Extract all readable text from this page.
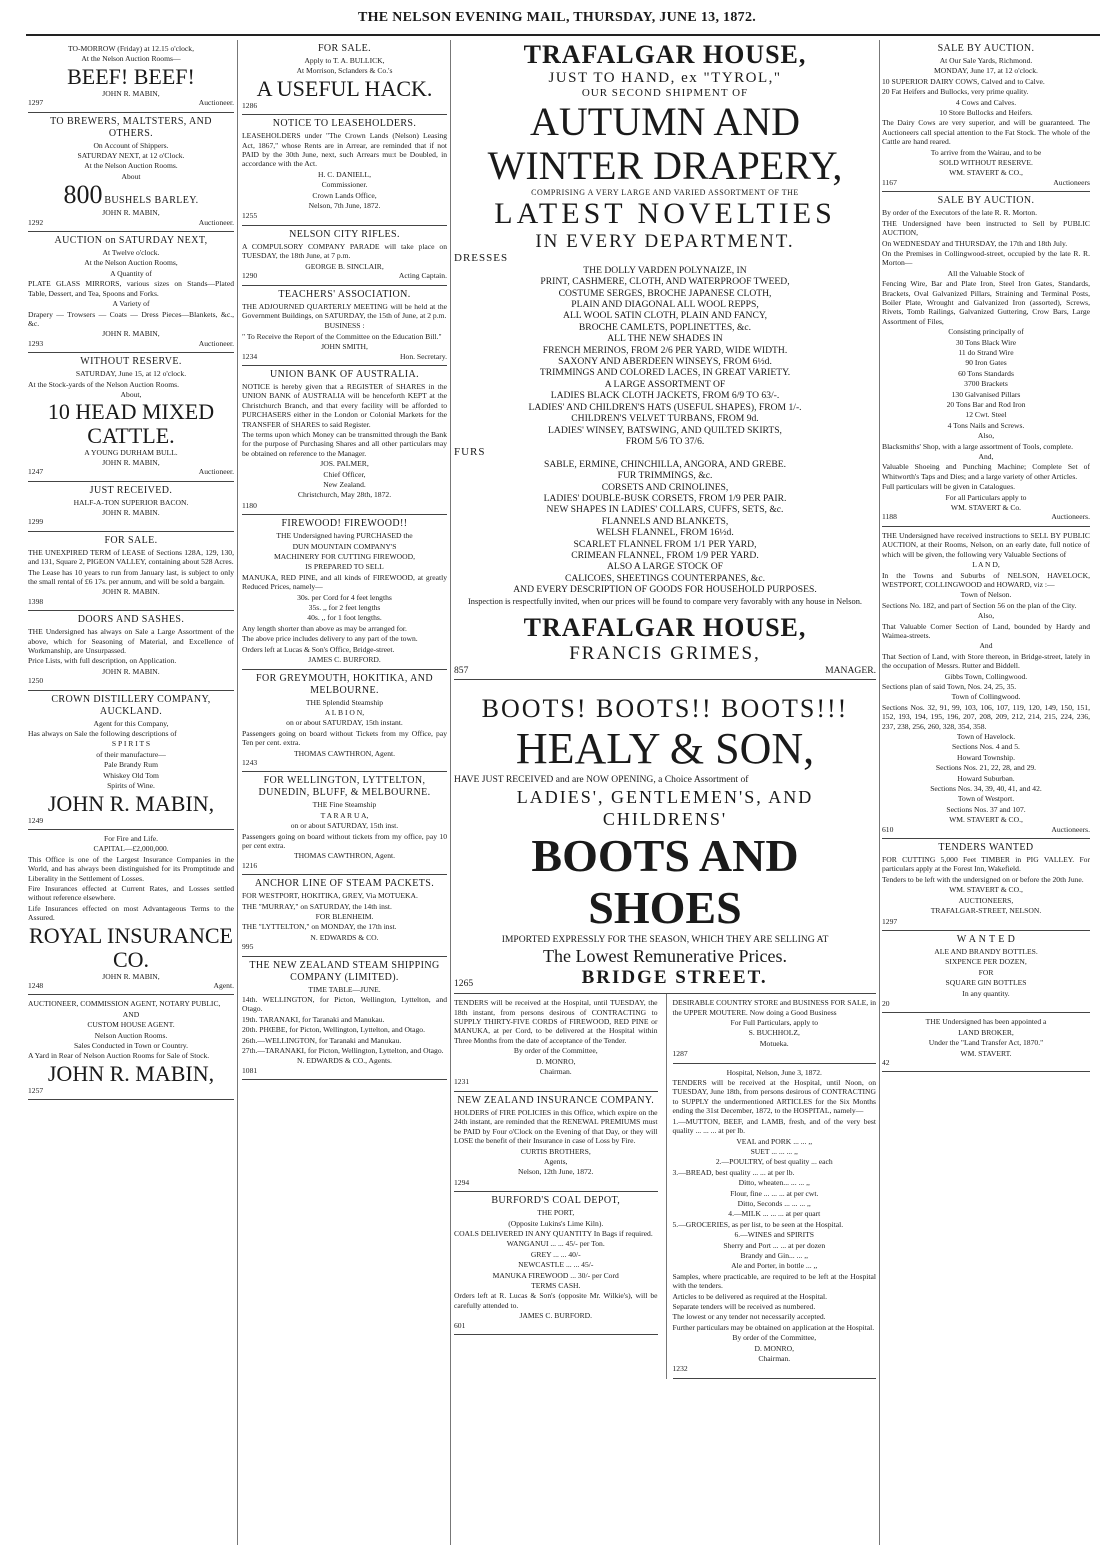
THE NELSON EVENING MAIL, THURSDAY, JUNE 13, 1872.
TO-MORROW (Friday) at 12.15 o'clock,
At the Nelson Auction Rooms—
BEEF! BEEF!
JOHN R. MABIN,
1297	Auctioneer.
TO BREWERS, MALTSTERS, AND OTHERS.
On Account of Shippers.
SATURDAY NEXT, at 12 o'Clock.
At the Nelson Auction Rooms.
About
800 BUSHELS BARLEY.
JOHN R. MABIN,
1292	Auctioneer.
AUCTION on SATURDAY NEXT,
At Twelve o'clock.
At the Nelson Auction Rooms,
A Quantity of
PLATE GLASS MIRRORS, various sizes on Stands—Plated Table, Dessert, and Tea, Spoons and Forks.
A Variety of
Drapery — Trowsers — Coats — Dress Pieces—Blankets, &c., &c.
JOHN R. MABIN,
1293	Auctioneer.
WITHOUT RESERVE.
SATURDAY, June 15, at 12 o'clock.
At the Stock-yards of the Nelson Auction Rooms.
About,
10 HEAD MIXED CATTLE.
A YOUNG DURHAM BULL.
JOHN R. MABIN,
1247	Auctioneer.
JUST RECEIVED.
HALF-A-TON SUPERIOR BACON.
JOHN R. MABIN.
1299
FOR SALE.
THE UNEXPIRED TERM of LEASE of Sections 128A, 129, 130, and 131, Square 2, PIGEON VALLEY, containing about 528 Acres.
The Lease has 10 years to run from January last, is subject to only the small rental of £6 17s. per annum, and will be sold a bargain.
JOHN R. MABIN.
1398
DOORS AND SASHES.
THE Undersigned has always on Sale a Large Assortment of the above, which for Seasoning of Material, and Excellence of Workmanship, are Unsurpassed.
Price Lists, with full description, on Application.
JOHN R. MABIN.
1250
CROWN DISTILLERY COMPANY, AUCKLAND.
Agent for this Company,
Has always on Sale the following descriptions of
S P I R I T S
of their manufacture—
Pale Brandy Rum
Whiskey Old Tom
Spirits of Wine.
JOHN R. MABIN,
1249
For Fire and Life.
CAPITAL—£2,000,000.
This Office is one of the Largest Insurance Companies in the World, and has always been distinguished for its Promptitude and Liberality in the Settlement of Losses.
Fire Insurances effected at Current Rates, and Losses settled without reference elsewhere.
Life Insurances effected on most Advantageous Terms to the Assured.
ROYAL INSURANCE CO.
JOHN R. MABIN,
1248	Agent.
AUCTIONEER, COMMISSION AGENT, NOTARY PUBLIC,
AND
CUSTOM HOUSE AGENT.
Nelson Auction Rooms.
Sales Conducted in Town or Country.
A Yard in Rear of Nelson Auction Rooms for Sale of Stock.
JOHN R. MABIN,
1257
FOR SALE.
Apply to T. A. BULLICK,
At Morrison, Sclanders & Co.'s
A USEFUL HACK.
1286
NOTICE TO LEASEHOLDERS.
LEASEHOLDERS under "The Crown Lands (Nelson) Leasing Act, 1867," whose Rents are in Arrear, are reminded that if not PAID by the 30th June, next, such Arrears mu:t be Doubled, in accordance with the Act.
H. C. DANIELL,
Commissioner.
Crown Lands Office,
Nelson, 7th June, 1872.
1255
NELSON CITY RIFLES.
A COMPULSORY COMPANY PARADE will take place on TUESDAY, the 18th June, at 7 p.m.
GEORGE B. SINCLAIR,
1290	Acting Captain.
TEACHERS' ASSOCIATION.
THE ADJOURNED QUARTERLY MEETING will be held at the Government Buildings, on SATURDAY, the 15th of June, at 2 p.m.
BUSINESS :
" To Receive the Report of the Committee on the Education Bill."
JOHN SMITH,
1234	Hon. Secretary.
UNION BANK OF AUSTRALIA.
NOTICE is hereby given that a REGISTER of SHARES in the UNION BANK of AUSTRALIA will be henceforth KEPT at the Christchurch Branch, and that every facility will be afforded to PURCHASERS either in the London or Colonial Markets for the TRANSFER of SHARES to said Register.
The terms upon which Money can be transmitted through the Bank for the purpose of Purchasing Shares and all other particulars may be obtained on reference to the Manager.
JOS. PALMER,
Chief Officer,
New Zealand.
Christchurch, May 28th, 1872.
1180
FIREWOOD! FIREWOOD!!
THE Undersigned having PURCHASED the
DUN MOUNTAIN COMPANY'S
MACHINERY FOR CUTTING FIREWOOD,
IS PREPARED TO SELL
MANUKA, RED PINE, and all kinds of FIREWOOD, at greatly Reduced Prices, namely—
30s. per Cord for 4 feet lengths
35s. ,, for 2 feet lengths
40s. ,, for 1 foot lengths.
Any length shorter than above as may be arranged for.
The above price includes delivery to any part of the town.
Orders left at Lucas & Son's Office, Bridge-street.
JAMES C. BURFORD.
FOR GREYMOUTH, HOKITIKA, AND MELBOURNE.
THE Splendid Steamship
A L B I O N,
on or about SATURDAY, 15th instant.
Passengers going on board without Tickets from my Office, pay Ten per cent. extra.
THOMAS CAWTHRON, Agent.
1243
FOR WELLINGTON, LYTTELTON, DUNEDIN, BLUFF, & MELBOURNE.
THE Fine Steamship
T A R A R U A,
on or about SATURDAY, 15th inst.
Passengers going on board without tickets from my office, pay 10 per cent extra.
THOMAS CAWTHRON, Agent.
1216
ANCHOR LINE OF STEAM PACKETS.
FOR WESTPORT, HOKITIKA, GREY, Via MOTUEKA.
THE "MURRAY," on SATURDAY, the 14th inst.
FOR BLENHEIM.
THE "LYTTELTON," on MONDAY, the 17th inst.
N. EDWARDS & CO.
995
THE NEW ZEALAND STEAM SHIPPING COMPANY (LIMITED).
TIME TABLE—JUNE.
14th. WELLINGTON, for Picton, Wellington, Lyttelton, and Otago.
19th. TARANAKI, for Taranaki and Manukau.
20th. PHŒBE, for Picton, Wellington, Lyttelton, and Otago.
26th.—WELLINGTON, for Taranaki and Manukau.
27th.—TARANAKI, for Picton, Wellington, Lyttelton, and Otago.
N. EDWARDS & CO., Agents.
1081
TRAFALGAR HOUSE,
JUST TO HAND, ex "TYROL,"
OUR SECOND SHIPMENT OF
AUTUMN AND WINTER DRAPERY,
COMPRISING A VERY LARGE AND VARIED ASSORTMENT OF THE
LATEST NOVELTIES
IN EVERY DEPARTMENT.
DRESSES
THE DOLLY VARDEN POLYNAIZE, IN
PRINT, CASHMERE, CLOTH, AND WATERPROOF TWEED,
COSTUME SERGES, BROCHE JAPANESE CLOTH,
PLAIN AND DIAGONAL ALL WOOL REPPS,
ALL WOOL SATIN CLOTH, PLAIN AND FANCY,
BROCHE CAMLETS, POPLINETTES, &c.
ALL THE NEW SHADES IN
FRENCH MERINOS, FROM 2/6 PER YARD, WIDE WIDTH.
SAXONY AND ABERDEEN WINSEYS, FROM 6½d.
TRIMMINGS AND COLORED LACES, IN GREAT VARIETY.
A LARGE ASSORTMENT OF
LADIES BLACK CLOTH JACKETS, FROM 6/9 TO 63/-.
LADIES' AND CHILDREN'S HATS (USEFUL SHAPES), FROM 1/-.
CHILDREN'S VELVET TURBANS, FROM 9d.
LADIES' WINSEY, BATSWING, AND QUILTED SKIRTS,
FROM 5/6 TO 37/6.
FURS
SABLE, ERMINE, CHINCHILLA, ANGORA, AND GREBE.
FUR TRIMMINGS, &c.
CORSETS AND CRINOLINES,
LADIES' DOUBLE-BUSK CORSETS, FROM 1/9 PER PAIR.
NEW SHAPES IN LADIES' COLLARS, CUFFS, SETS, &c.
FLANNELS AND BLANKETS,
WELSH FLANNEL, FROM 16½d.
SCARLET FLANNEL FROM 1/1 PER YARD,
CRIMEAN FLANNEL, FROM 1/9 PER YARD.
ALSO A LARGE STOCK OF
CALICOES, SHEETINGS COUNTERPANES, &c.
AND EVERY DESCRIPTION OF GOODS FOR HOUSEHOLD PURPOSES.
Inspection is respectfully invited, when our prices will be found to compare very favorably with any house in Nelson.
TRAFALGAR HOUSE,
FRANCIS GRIMES,
857	MANAGER.
BOOTS! BOOTS!! BOOTS!!!
HEALY & SON,
HAVE JUST RECEIVED and are NOW OPENING, a Choice Assortment of
LADIES', GENTLEMEN'S, AND CHILDRENS'
BOOTS AND SHOES
IMPORTED EXPRESSLY FOR THE SEASON, WHICH THEY ARE SELLING AT
The Lowest Remunerative Prices.
1265	BRIDGE STREET.
TENDERS will be received at the Hospital, until TUESDAY, the 18th instant, from persons desirous of CONTRACTING to SUPPLY THIRTY-FIVE CORDS of FIREWOOD, RED PINE or MANUKA, at per Cord, to be delivered at the Hospital within Three Months from the date of acceptance of the Tender.
By order of the Committee,
D. MONRO,
Chairman.
1231
NEW ZEALAND INSURANCE COMPANY.
HOLDERS of FIRE POLICIES in this Office, which expire on the 24th instant, are reminded that the RENEWAL PREMIUMS must be PAID by Four o'Clock on the Evening of that Day, or they will LOSE the benefit of their Insurance in case of Loss by Fire.
CURTIS BROTHERS,
Agents,
Nelson, 12th June, 1872.
1294
BURFORD'S COAL DEPOT,
THE PORT,
(Opposite Lukins's Lime Kiln).
COALS DELIVERED IN ANY QUANTITY In Bags if required.
WANGANUI ... ... 45/- per Ton.
GREY ... ... 40/-
NEWCASTLE ... ... 45/-
MANUKA FIREWOOD ... 30/- per Cord
TERMS CASH.
Orders left at R. Lucas & Son's (opposite Mr. Wilkie's), will be carefully attended to.
JAMES C. BURFORD.
601
DESIRABLE COUNTRY STORE and BUSINESS FOR SALE, in the UPPER MOUTERE. Now doing a Good Business
For Full Particulars, apply to
S. BUCHHOLZ,
Motueka.
1287
Hospital, Nelson, June 3, 1872.
TENDERS will be received at the Hospital, until Noon, on TUESDAY, June 18th, from persons desirous of CONTRACTING to SUPPLY the undermentioned ARTICLES for the Six Months ending the 31st December, 1872, to the HOSPITAL, namely—
1.—MUTTON, BEEF, and LAMB, fresh, and of the very best quality ... ... ... at per lb.
VEAL and PORK ... ... ,,
SUET ... ... ... ,,
2.—POULTRY, of best quality ... each
3.—BREAD, best quality ... ... at per lb.
Ditto, wheaten... ... ... ,,
Flour, fine ... ... ... at per cwt.
Ditto, Seconds ... ... ... ,,
4.—MILK ... ... ... at per quart
5.—GROCERIES, as per list, to be seen at the Hospital.
6.—WINES and SPIRITS
Sherry and Port ... ... at per dozen
Brandy and Gin... ... ,,
Ale and Porter, in bottle ... ,,
Samples, where practicable, are required to be left at the Hospital with the tenders.
Articles to be delivered as required at the Hospital.
Separate tenders will be received as numbered.
The lowest or any tender not necessarily accepted.
Further particulars may be obtained on application at the Hospital.
By order of the Committee,
D. MONRO,
Chairman.
1232
SALE BY AUCTION.
At Our Sale Yards, Richmond.
MONDAY, June 17, at 12 o'clock.
10 SUPERIOR DAIRY COWS, Calved and to Calve.
20 Fat Heifers and Bullocks, very prime quality.
4 Cows and Calves.
10 Store Bullocks and Heifers.
The Dairy Cows are very superior, and will be guaranteed. The Auctioneers call special attention to the Fat Stock. The whole of the Cattle are hand reared.
To arrive from the Wairau, and to be
SOLD WITHOUT RESERVE.
WM. STAVERT & CO.,
1167	Auctioneers
SALE BY AUCTION.
By order of the Executors of the late R. R. Morton.
THE Undersigned have been instructed to Sell by PUBLIC AUCTION,
On WEDNESDAY and THURSDAY, the 17th and 18th July.
On the Premises in Collingwood-street, occupied by the late R. R. Morton—
All the Valuable Stock of
Fencing Wire, Bar and Plate Iron, Steel Iron Gates, Standards, Brackets, Oval Galvanized Pillars, Straining and Terminal Posts, Boiler Plate, Wrought and Galvanized Iron (assorted), Screws, Rivets, Tomb Railings, Galvanized Guttering, Crow Bars, Large Assortment of Files,
Consisting principally of
30 Tons Black Wire
11 do Strand Wire
90 Iron Gates
60 Tons Standards
3700 Brackets
130 Galvanised Pillars
20 Tons Bar and Rod Iron
12 Cwt. Steel
4 Tons Nails and Screws.
Also,
Blacksmiths' Shop, with a large assortment of Tools, complete.
And,
Valuable Shoeing and Punching Machine; Complete Set of Whitworth's Taps and Dies; and a large variety of other Articles.
Full particulars will be given in Catalogues.
For all Particulars apply to
WM. STAVERT & Co.
1188	Auctioneers.
THE Undersigned have received instructions to SELL BY PUBLIC AUCTION, at their Rooms, Nelson, on an early date, full notice of which will be given, the following very Valuable Sections of
L A N D,
In the Towns and Suburbs of NELSON, HAVELOCK, WESTPORT, COLLINGWOOD and HOWARD, viz :—
Town of Nelson.
Sections No. 182, and part of Section 56 on the plan of the City.
Also,
That Valuable Corner Section of Land, bounded by Hardy and Waimea-streets.
And
That Section of Land, with Store thereon, in Bridge-street, lately in the occupation of Messrs. Rutter and Biddell.
Gibbs Town, Collingwood.
Sections plan of said Town, Nos. 24, 25, 35.
Town of Collingwood.
Sections Nos. 32, 91, 99, 103, 106, 107, 119, 120, 149, 150, 151, 152, 193, 194, 195, 196, 207, 208, 209, 212, 214, 215, 224, 236, 237, 238, 256, 260, 328, 354, 358.
Town of Havelock.
Sections Nos. 4 and 5.
Howard Township.
Sections Nos. 21, 22, 28, and 29.
Howard Suburban.
Sections Nos. 34, 39, 40, 41, and 42.
Town of Westport.
Sections Nos. 37 and 107.
WM. STAVERT & CO.,
610	Auctioneers.
TENDERS WANTED
FOR CUTTING 5,000 Feet TIMBER in PIG VALLEY. For particulars apply at the Forest Inn, Wakefield.
Tenders to be left with the undersigned on or before the 20th June.
WM. STAVERT & CO.,
AUCTIONEERS,
TRAFALGAR-STREET, NELSON.
1297
W A N T E D
ALE AND BRANDY BOTTLES.
SIXPENCE PER DOZEN,
FOR
SQUARE GIN BOTTLES
In any quantity.
20
THE Undersigned has been appointed a
LAND BROKER,
Under the "Land Transfer Act, 1870."
WM. STAVERT.
42
